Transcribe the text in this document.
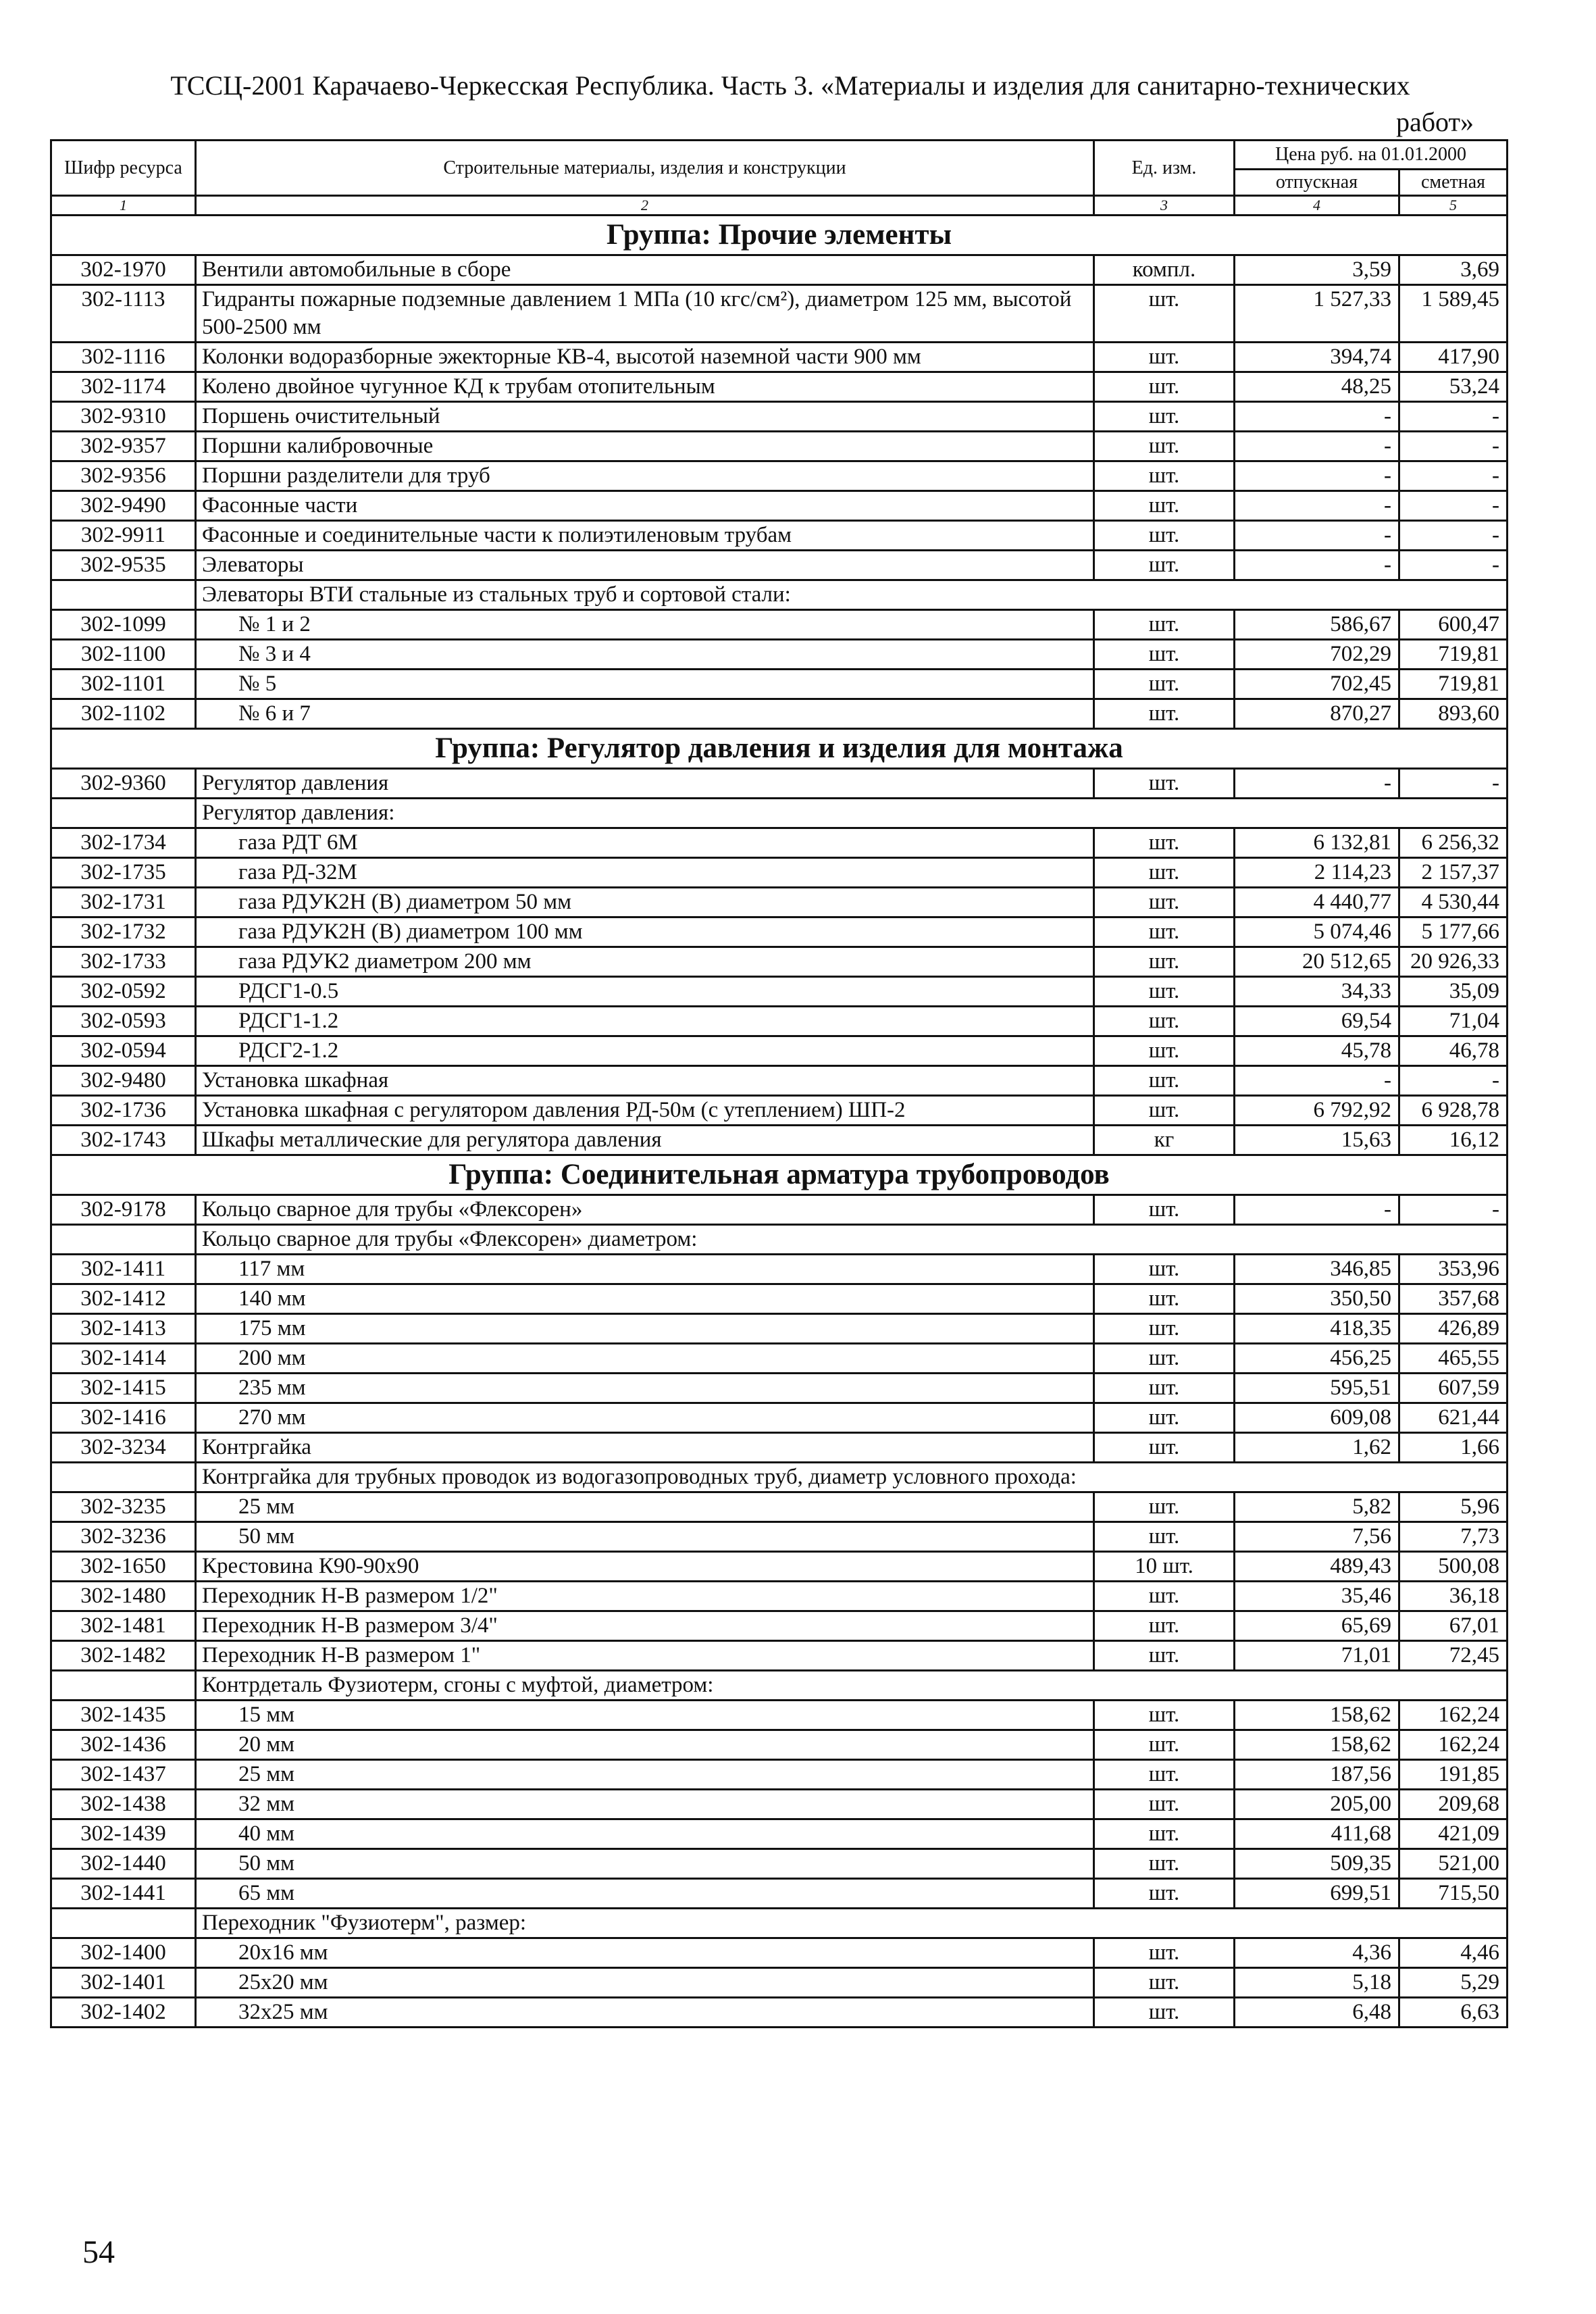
ТССЦ-2001 Карачаево-Черкесская Республика. Часть 3. «Материалы и изделия для санитарно-технических
работ»
Шифр ресурса	Строительные материалы, изделия и конструкции	Ед. изм.	Цена руб. на 01.01.2000	
			отпускная	сметная
1	2	3	4	5
Группа: Прочие элементы				
302-1970	Вентили автомобильные в сборе	компл.	3,59	3,69
302-1113	Гидранты пожарные подземные давлением 1 МПа (10 кгс/см²), диаметром 125 мм, высотой 500-2500 мм	шт.	1 527,33	1 589,45
302-1116	Колонки водоразборные эжекторные КВ-4, высотой наземной части 900 мм	шт.	394,74	417,90
302-1174	Колено двойное чугунное КД к трубам отопительным	шт.	48,25	53,24
302-9310	Поршень очистительный	шт.	-	-
302-9357	Поршни калибровочные	шт.	-	-
302-9356	Поршни разделители для труб	шт.	-	-
302-9490	Фасонные части	шт.	-	-
302-9911	Фасонные и соединительные части к полиэтиленовым трубам	шт.	-	-
302-9535	Элеваторы	шт.	-	-
	Элеваторы ВТИ стальные из стальных труб и сортовой стали:			
302-1099	№ 1 и 2	шт.	586,67	600,47
302-1100	№ 3 и 4	шт.	702,29	719,81
302-1101	№ 5	шт.	702,45	719,81
302-1102	№ 6 и 7	шт.	870,27	893,60
Группа: Регулятор давления и изделия для монтажа				
302-9360	Регулятор давления	шт.	-	-
	Регулятор давления:			
302-1734	газа РДТ 6М	шт.	6 132,81	6 256,32
302-1735	газа РД-32М	шт.	2 114,23	2 157,37
302-1731	газа РДУК2Н (В) диаметром 50 мм	шт.	4 440,77	4 530,44
302-1732	газа РДУК2Н (В) диаметром 100 мм	шт.	5 074,46	5 177,66
302-1733	газа РДУК2 диаметром 200 мм	шт.	20 512,65	20 926,33
302-0592	РДСГ1-0.5	шт.	34,33	35,09
302-0593	РДСГ1-1.2	шт.	69,54	71,04
302-0594	РДСГ2-1.2	шт.	45,78	46,78
302-9480	Установка шкафная	шт.	-	-
302-1736	Установка шкафная с регулятором давления РД-50м (с утеплением) ШП-2	шт.	6 792,92	6 928,78
302-1743	Шкафы металлические для регулятора давления	кг	15,63	16,12
Группа: Соединительная арматура трубопроводов				
302-9178	Кольцо сварное для трубы «Флексорен»	шт.	-	-
	Кольцо сварное для трубы «Флексорен» диаметром:			
302-1411	117 мм	шт.	346,85	353,96
302-1412	140 мм	шт.	350,50	357,68
302-1413	175 мм	шт.	418,35	426,89
302-1414	200 мм	шт.	456,25	465,55
302-1415	235 мм	шт.	595,51	607,59
302-1416	270 мм	шт.	609,08	621,44
302-3234	Контргайка	шт.	1,62	1,66
	Контргайка для трубных проводок из водогазопроводных труб, диаметр условного прохода:			
302-3235	25 мм	шт.	5,82	5,96
302-3236	50 мм	шт.	7,56	7,73
302-1650	Крестовина К90-90х90	10 шт.	489,43	500,08
302-1480	Переходник Н-В размером 1/2"	шт.	35,46	36,18
302-1481	Переходник Н-В размером 3/4"	шт.	65,69	67,01
302-1482	Переходник Н-В размером 1"	шт.	71,01	72,45
	Контрдеталь Фузиотерм, сгоны с муфтой, диаметром:			
302-1435	15 мм	шт.	158,62	162,24
302-1436	20 мм	шт.	158,62	162,24
302-1437	25 мм	шт.	187,56	191,85
302-1438	32 мм	шт.	205,00	209,68
302-1439	40 мм	шт.	411,68	421,09
302-1440	50 мм	шт.	509,35	521,00
302-1441	65 мм	шт.	699,51	715,50
	Переходник "Фузиотерм", размер:			
302-1400	20х16 мм	шт.	4,36	4,46
302-1401	25х20 мм	шт.	5,18	5,29
302-1402	32х25 мм	шт.	6,48	6,63
54
